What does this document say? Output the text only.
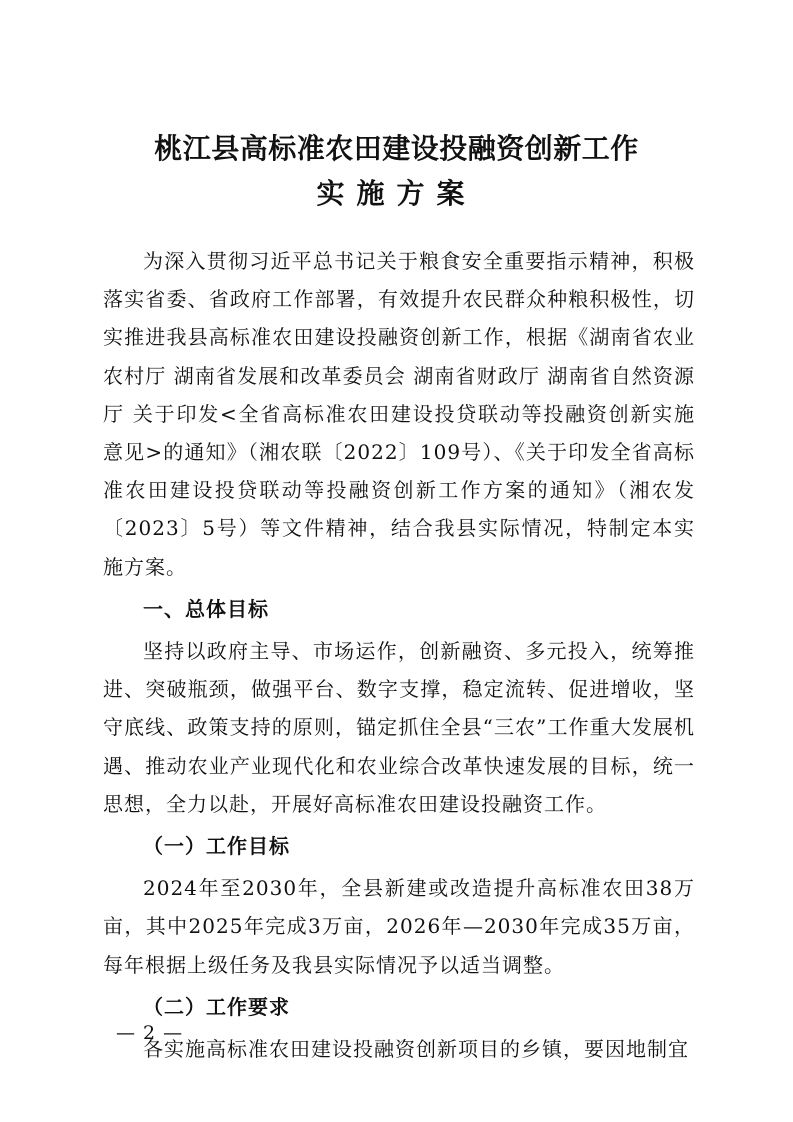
桃江县高标准农田建设投融资创新工作
实施方案

为深入贯彻习近平总书记关于粮食安全重要指示精神，积极落实省委、省政府工作部署，有效提升农民群众种粮积极性，切实推进我县高标准农田建设投融资创新工作，根据《湖南省农业农村厅 湖南省发展和改革委员会 湖南省财政厅 湖南省自然资源厅 关于印发<全省高标准农田建设投贷联动等投融资创新实施意见>的通知》（湘农联〔2022〕109号）、《关于印发全省高标准农田建设投贷联动等投融资创新工作方案的通知》（湘农发〔2023〕5号）等文件精神，结合我县实际情况，特制定本实施方案。

一、总体目标

坚持以政府主导、市场运作，创新融资、多元投入，统筹推进、突破瓶颈，做强平台、数字支撑，稳定流转、促进增收，坚守底线、政策支持的原则，锚定抓住全县“三农”工作重大发展机遇、推动农业产业现代化和农业综合改革快速发展的目标，统一思想，全力以赴，开展好高标准农田建设投融资工作。

（一）工作目标

2024年至2030年，全县新建或改造提升高标准农田38万亩，其中2025年完成3万亩，2026年—2030年完成35万亩，每年根据上级任务及我县实际情况予以适当调整。

（二）工作要求

各实施高标准农田建设投融资创新项目的乡镇，要因地制宜

— 2 —
